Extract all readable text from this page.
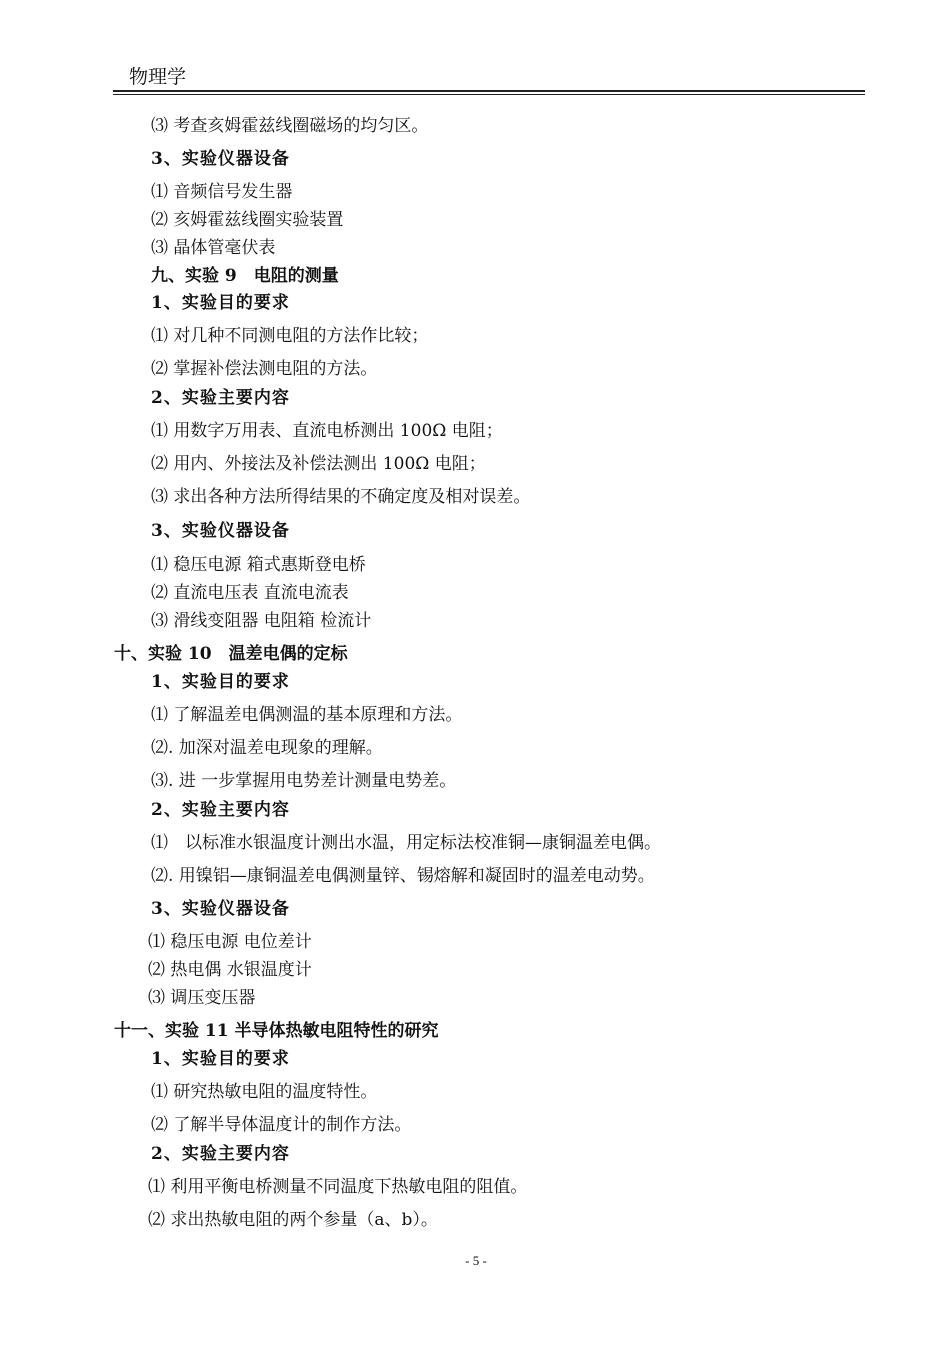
物理学
⑶ 考查亥姆霍兹线圈磁场的均匀区。
3、实验仪器设备
⑴ 音频信号发生器
⑵ 亥姆霍兹线圈实验装置
⑶ 晶体管毫伏表
九、实验 9　电阻的测量
1、实验目的要求
⑴ 对几种不同测电阻的方法作比较；
⑵ 掌握补偿法测电阻的方法。
2、实验主要内容
⑴ 用数字万用表、直流电桥测出 100Ω 电阻；
⑵ 用内、外接法及补偿法测出 100Ω 电阻；
⑶ 求出各种方法所得结果的不确定度及相对误差。
3、实验仪器设备
⑴ 稳压电源 箱式惠斯登电桥
⑵ 直流电压表 直流电流表
⑶ 滑线变阻器 电阻箱 检流计
十、实验 10　温差电偶的定标
1、实验目的要求
⑴ 了解温差电偶测温的基本原理和方法。
⑵. 加深对温差电现象的理解。
⑶. 进 一步掌握用电势差计测量电势差。
2、实验主要内容
⑴　以标准水银温度计测出水温，用定标法校准铜—康铜温差电偶。
⑵. 用镍铝—康铜温差电偶测量锌、锡熔解和凝固时的温差电动势。
3、实验仪器设备
⑴ 稳压电源 电位差计
⑵ 热电偶 水银温度计
⑶ 调压变压器
十一、实验 11 半导体热敏电阻特性的研究
1、实验目的要求
⑴ 研究热敏电阻的温度特性。
⑵ 了解半导体温度计的制作方法。
2、实验主要内容
⑴ 利用平衡电桥测量不同温度下热敏电阻的阻值。
⑵ 求出热敏电阻的两个参量（a、b）。
- 5 -
